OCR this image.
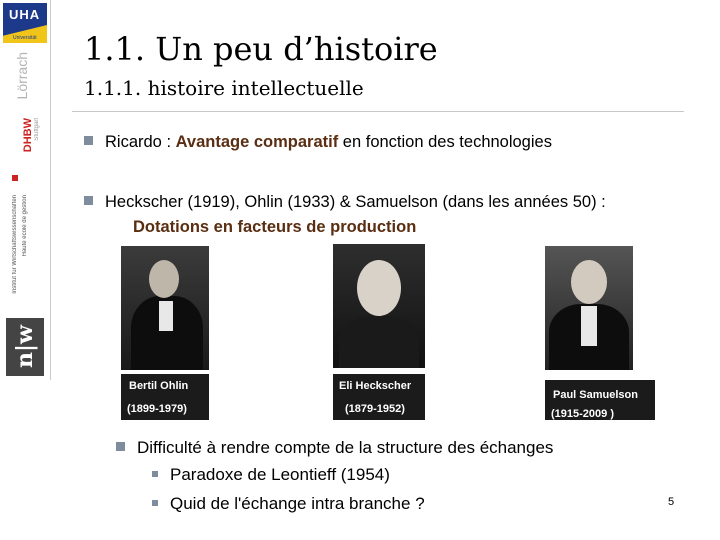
UHA
Universität
Lörrach
DHBW Stuttgart
Institut für Wirtschaftswissenschaften Haute école de gestion
n|w
1.1. Un peu d’histoire
1.1.1. histoire intellectuelle
Ricardo : Avantage comparatif en fonction des technologies
Heckscher (1919), Ohlin (1933) & Samuelson (dans les années 50) : Dotations en facteurs de production
Bertil Ohlin
(1899-1979)
Eli Heckscher
(1879-1952)
Paul Samuelson
(1915-2009 )
Difficulté à rendre compte de la structure des échanges
Paradoxe de Leontieff (1954)
Quid de l'échange intra branche ?	5
